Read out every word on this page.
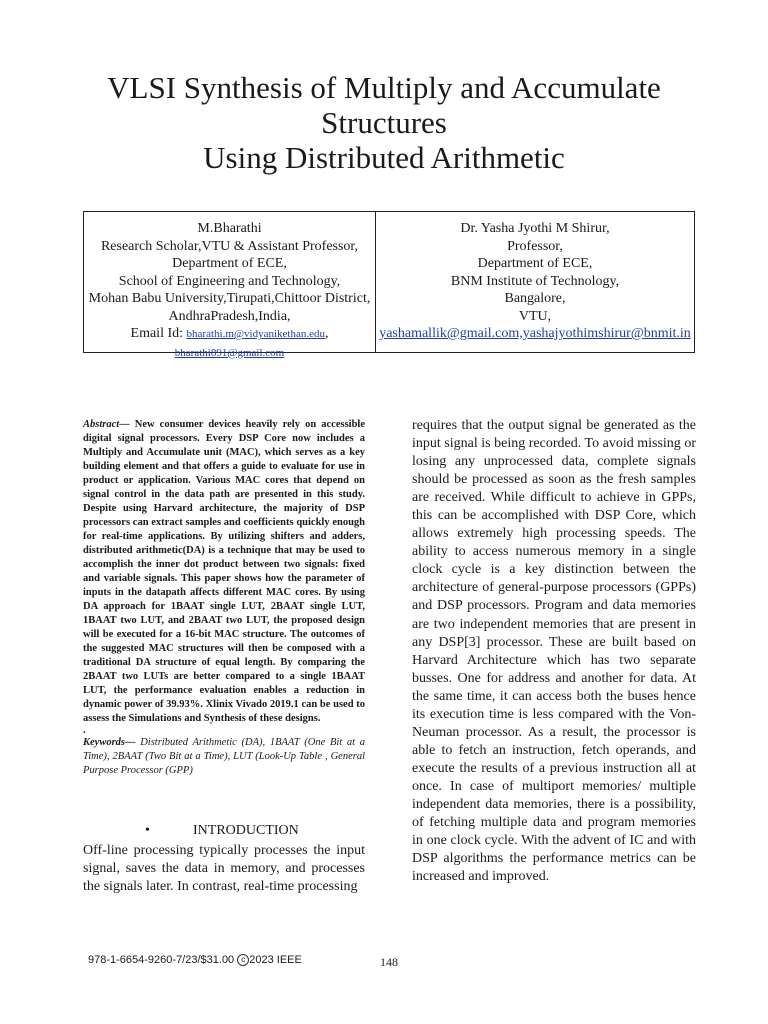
VLSI Synthesis of Multiply and Accumulate
Structures
Using Distributed Arithmetic
M.Bharathi
Research Scholar,VTU & Assistant Professor,
Department of ECE,
School of Engineering and Technology,
Mohan Babu University,Tirupati,Chittoor District,
AndhraPradesh,India,
Email Id: bharathi.m@vidyanikethan.edu,
bharathi891@gmail.com
Dr. Yasha Jyothi M Shirur,
Professor,
Department of ECE,
BNM Institute of Technology,
Bangalore,
VTU,
yashamallik@gmail.com,yashajyothimshirur@bnmit.in
Abstract— New consumer devices heavily rely on accessible digital signal processors. Every DSP Core now includes a Multiply and Accumulate unit (MAC), which serves as a key building element and that offers a guide to evaluate for use in product or application. Various MAC cores that depend on signal control in the data path are presented in this study. Despite using Harvard architecture, the majority of DSP processors can extract samples and coefficients quickly enough for real-time applications. By utilizing shifters and adders, distributed arithmetic(DA) is a technique that may be used to accomplish the inner dot product between two signals: fixed and variable signals. This paper shows how the parameter of inputs in the datapath affects different MAC cores. By using DA approach for 1BAAT single LUT, 2BAAT single LUT, 1BAAT two LUT, and 2BAAT two LUT, the proposed design will be executed for a 16-bit MAC structure. The outcomes of the suggested MAC structures will then be composed with a traditional DA structure of equal length. By comparing the 2BAAT two LUTs are better compared to a single 1BAAT LUT, the performance evaluation enables a reduction in dynamic power of 39.93%. Xlinix Vivado 2019.1 can be used to assess the Simulations and Synthesis of these designs.
.
Keywords— Distributed Arithmetic (DA), 1BAAT (One Bit at a Time), 2BAAT (Two Bit at a Time), LUT (Look-Up Table , General Purpose Processor (GPP)
•	INTRODUCTION

Off-line processing typically processes the input signal, saves the data in memory, and processes the signals later. In contrast, real-time processing

requires that the output signal be generated as the input signal is being recorded. To avoid missing or losing any unprocessed data, complete signals should be processed as soon as the fresh samples are received. While difficult to achieve in GPPs, this can be accomplished with DSP Core, which allows extremely high processing speeds. The ability to access numerous memory in a single clock cycle is a key distinction between the architecture of general-purpose processors (GPPs) and DSP processors. Program and data memories are two independent memories that are present in any DSP[3] processor. These are built based on Harvard Architecture which has two separate busses. One for address and another for data. At the same time, it can access both the buses hence its execution time is less compared with the Von-Neuman processor. As a result, the processor is able to fetch an instruction, fetch operands, and execute the results of a previous instruction all at once. In case of multiport memories/ multiple independent data memories, there is a possibility, of fetching multiple data and program memories in one clock cycle. With the advent of IC and with DSP algorithms the performance metrics can be increased and improved.

978-1-6654-9260-7/23/$31.00 c 2023 IEEE	148
